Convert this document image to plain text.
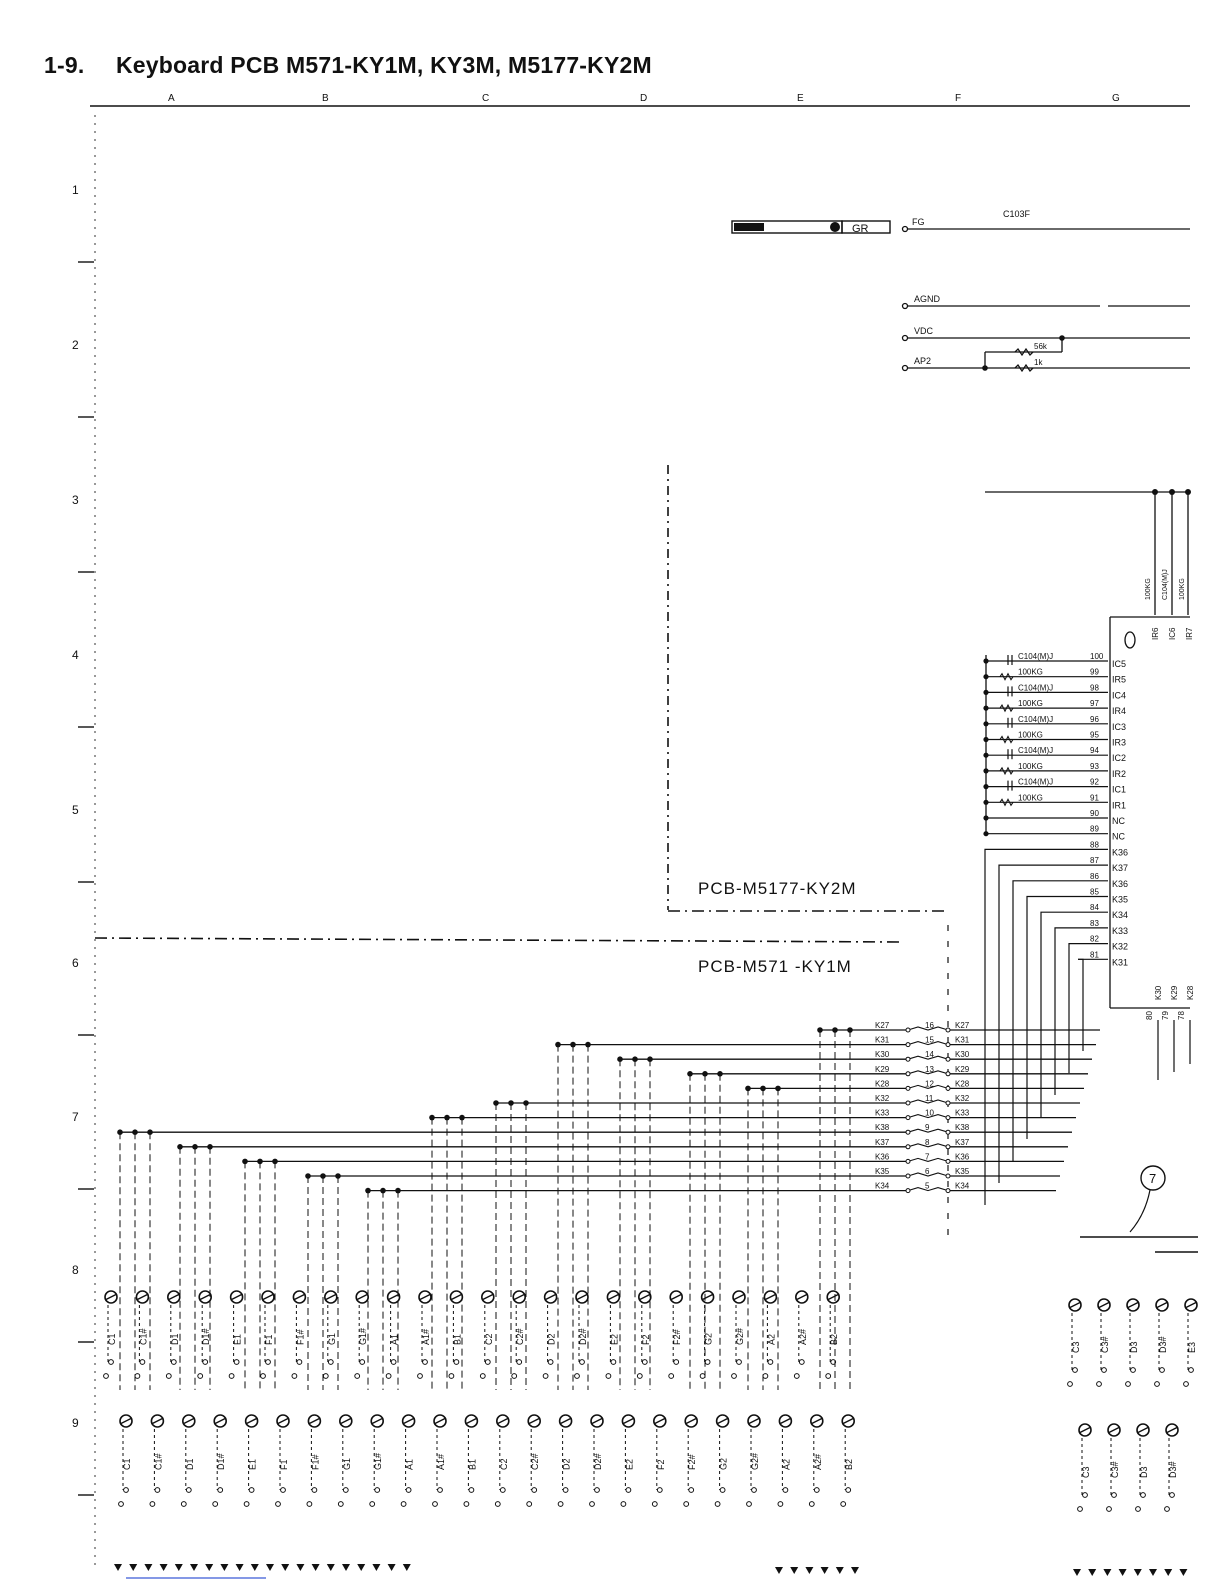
1-9. Keyboard PCB M571-KY1M, KY3M, M5177-KY2M
A	B	C	D	E	F	G
1
2
3
4
5
6
7
8
9
GR
FG
C103F
AGND
VDC
AP2
56k
1k
100KG C104(M)J 100KG
IR6 IC6 IR7
100
IC5
C104(M)J
99
IR5
100KG
98
IC4
C104(M)J
97
IR4
100KG
96
IC3
C104(M)J
95
IR3
100KG
94
IC2
C104(M)J
93
IR2
100KG
92
IC1
C104(M)J
91
IR1
100KG
90
NC
89
NC
88
K36
87
K37
86
K36
85
K35
84
K34
83
K33
82
K32
81
K31
80
K30
79
K29
78
K28
PCB-M5177-KY2M
PCB-M571 -KY1M
K27	16	K27
K31	15	K31
K30	14	K30
K29	13	K29
K28	12	K28
K32	11	K32
K33	10	K33
K38	9	K38
K37	8	K37
K36	7	K36
K35	6	K35
K34	5	K34
7
C1 C1# D1 D1# E1 F1 F1# G1 G1# A1 A1# B1 C2 C2# D2 D2# E2 F2 F2# G2 G2# A2 A2# B2
C1 C1# D1 D1# E1 F1 F1# G1 G1# A1 A1# B1 C2 C2# D2 D2# E2 F2 F2# G2 G2# A2 A2# B2
C3 C3# D3 D3# E3
C3 C3# D3 D3#
